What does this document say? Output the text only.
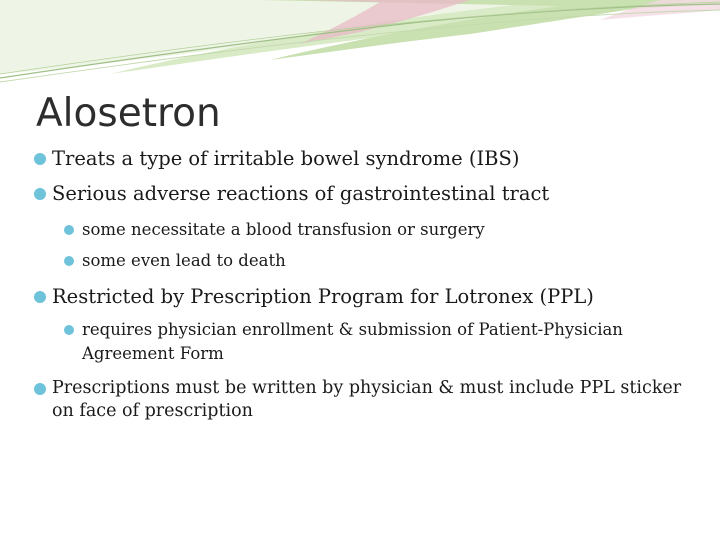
Alosetron

Treats a type of irritable bowel syndrome (IBS)

Serious adverse reactions of gastrointestinal tract

some necessitate a blood transfusion or surgery

some even lead to death

Restricted by Prescription Program for Lotronex (PPL)

requires physician enrollment & submission of Patient-Physician Agreement Form

Prescriptions must be written by physician & must include PPL sticker on face of prescription
